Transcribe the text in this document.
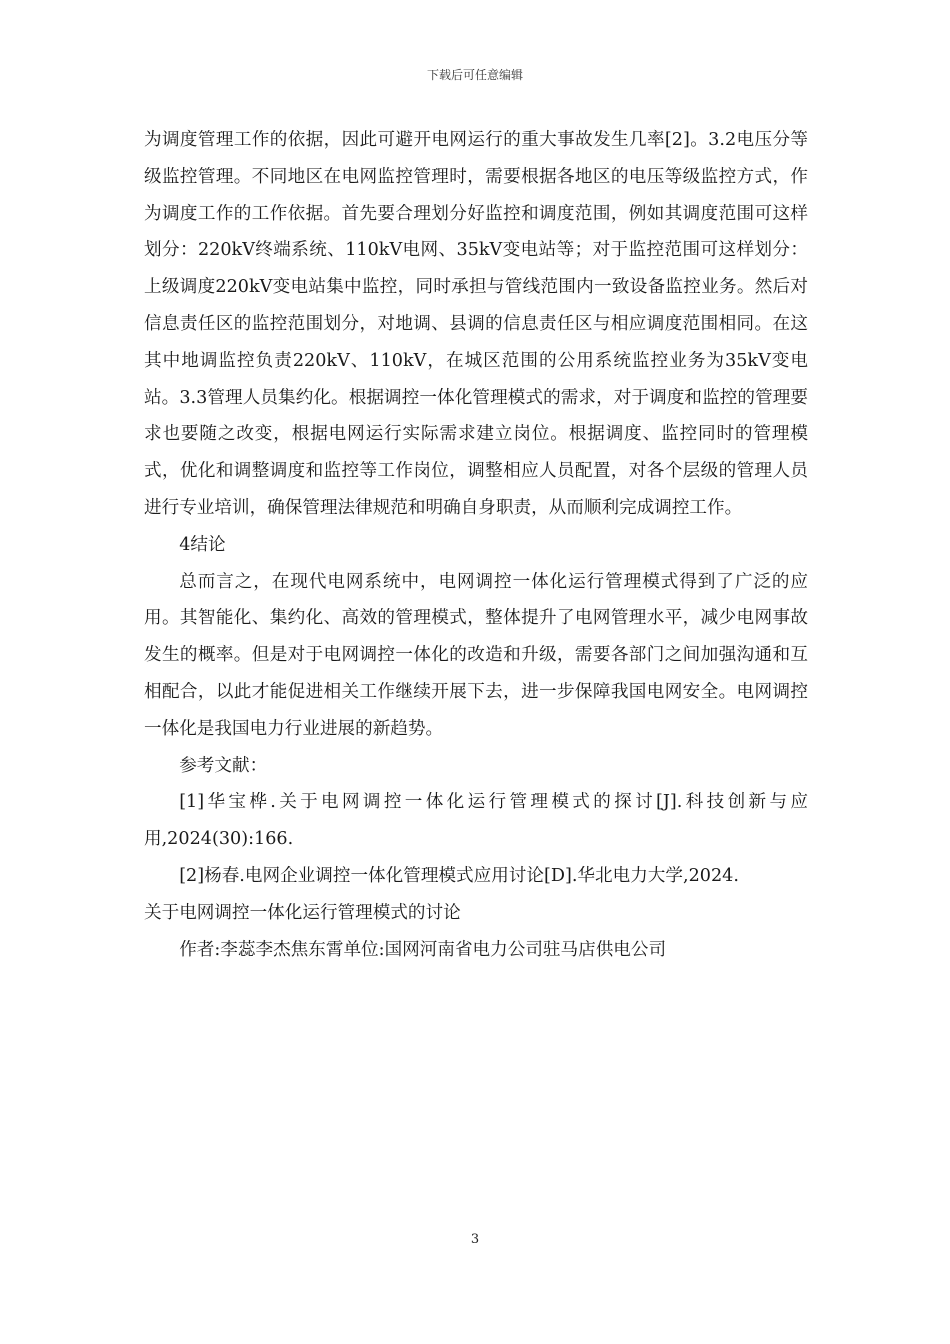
下载后可任意编辑

为调度管理工作的依据，因此可避开电网运行的重大事故发生几率[2]。3.2电压分等级监控管理。不同地区在电网监控管理时，需要根据各地区的电压等级监控方式，作为调度工作的工作依据。首先要合理划分好监控和调度范围，例如其调度范围可这样划分：220kV终端系统、110kV电网、35kV变电站等；对于监控范围可这样划分：上级调度220kV变电站集中监控，同时承担与管线范围内一致设备监控业务。然后对信息责任区的监控范围划分，对地调、县调的信息责任区与相应调度范围相同。在这其中地调监控负责220kV、110kV，在城区范围的公用系统监控业务为35kV变电站。3.3管理人员集约化。根据调控一体化管理模式的需求，对于调度和监控的管理要求也要随之改变，根据电网运行实际需求建立岗位。根据调度、监控同时的管理模式，优化和调整调度和监控等工作岗位，调整相应人员配置，对各个层级的管理人员进行专业培训，确保管理法律规范和明确自身职责，从而顺利完成调控工作。

4结论

总而言之，在现代电网系统中，电网调控一体化运行管理模式得到了广泛的应用。其智能化、集约化、高效的管理模式，整体提升了电网管理水平，减少电网事故发生的概率。但是对于电网调控一体化的改造和升级，需要各部门之间加强沟通和互相配合，以此才能促进相关工作继续开展下去，进一步保障我国电网安全。电网调控一体化是我国电力行业进展的新趋势。

参考文献：

[1]华宝桦.关于电网调控一体化运行管理模式的探讨[J].科技创新与应用,2024(30):166.

[2]杨春.电网企业调控一体化管理模式应用讨论[D].华北电力大学,2024.

关于电网调控一体化运行管理模式的讨论

作者:李蕊李杰焦东霄单位:国网河南省电力公司驻马店供电公司

3
